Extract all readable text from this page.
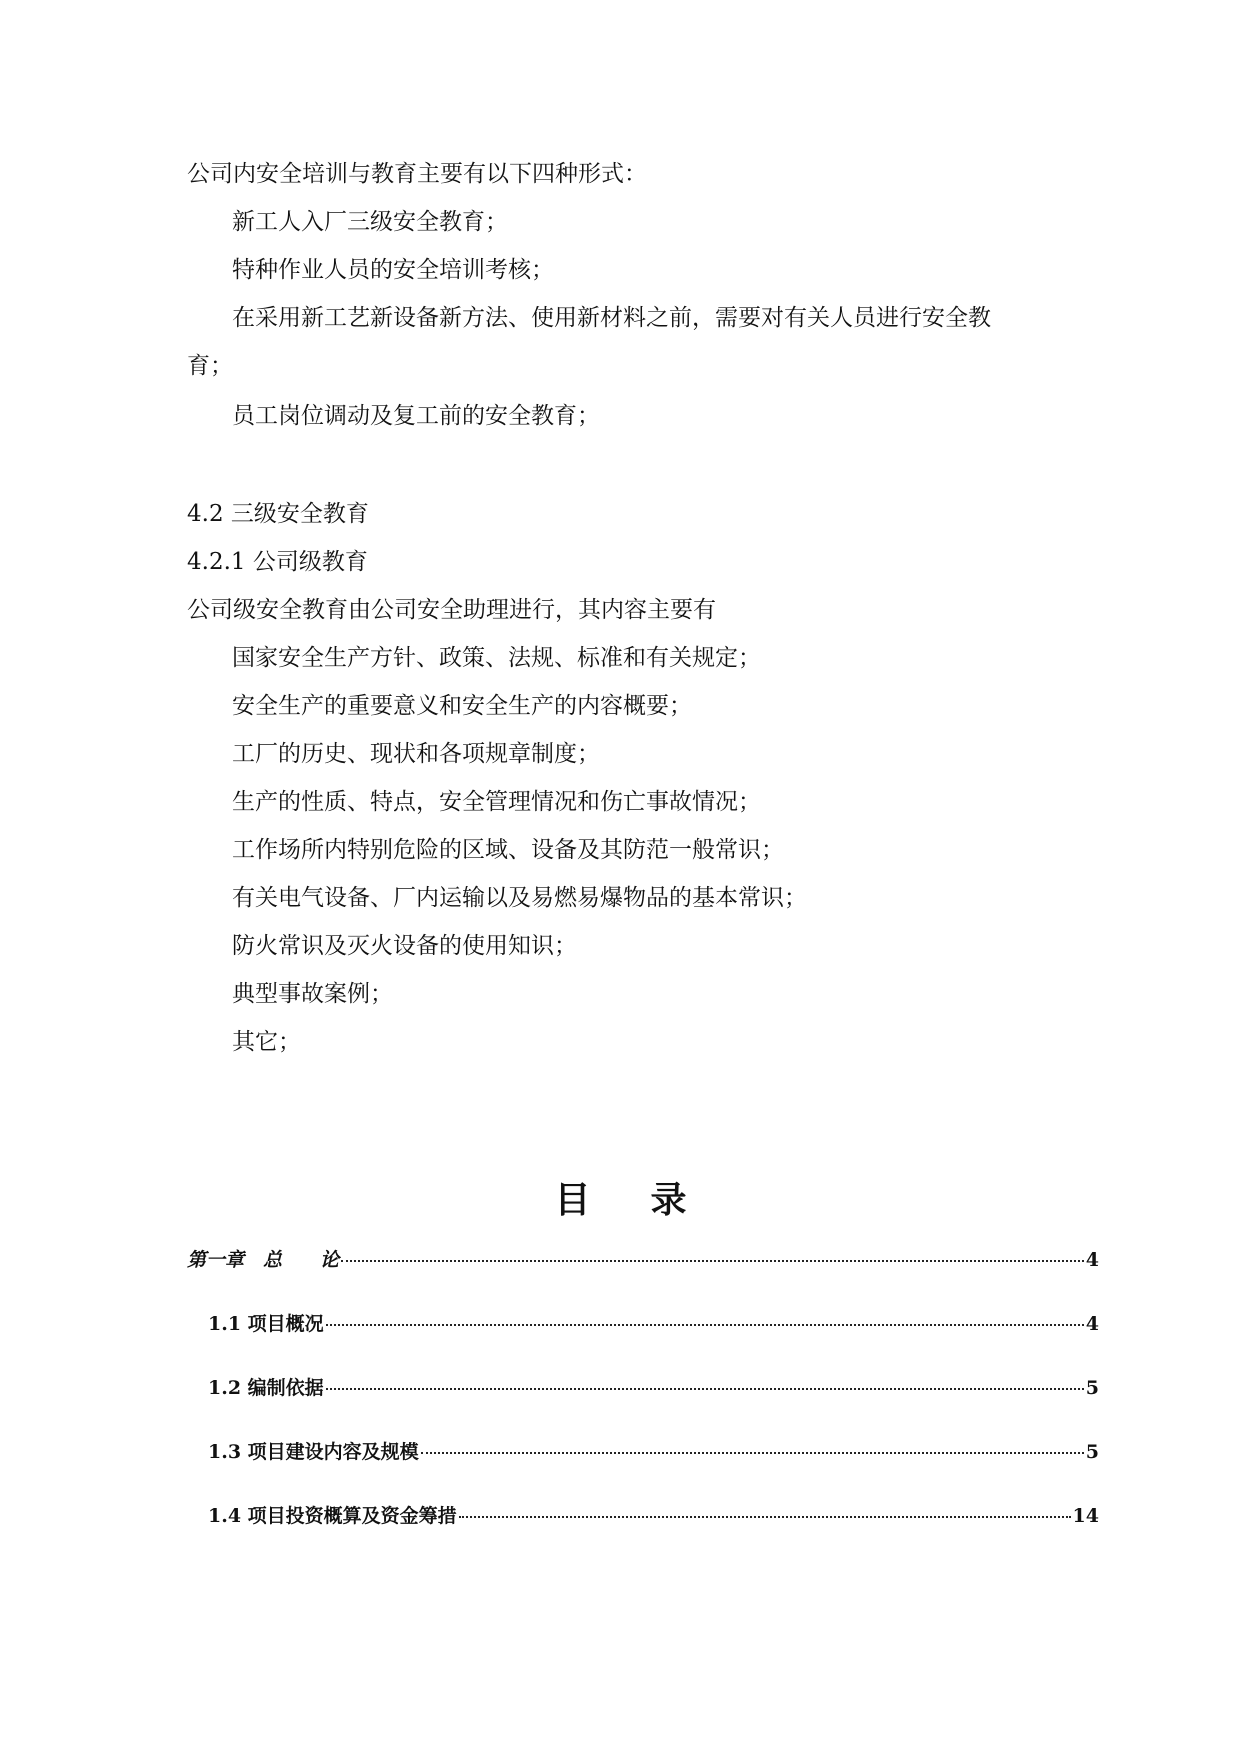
公司内安全培训与教育主要有以下四种形式：
新工人入厂三级安全教育；
特种作业人员的安全培训考核；
在采用新工艺新设备新方法、使用新材料之前，需要对有关人员进行安全教
育；
员工岗位调动及复工前的安全教育；
4.2 三级安全教育
4.2.1 公司级教育
公司级安全教育由公司安全助理进行，其内容主要有
国家安全生产方针、政策、法规、标准和有关规定；
安全生产的重要意义和安全生产的内容概要；
工厂的历史、现状和各项规章制度；
生产的性质、特点，安全管理情况和伤亡事故情况；
工作场所内特别危险的区域、设备及其防范一般常识；
有关电气设备、厂内运输以及易燃易爆物品的基本常识；
防火常识及灭火设备的使用知识；
典型事故案例；
其它；
目录
第一章　总　　论	4
1.1 项目概况	4
1.2 编制依据	5
1.3 项目建设内容及规模	5
1.4 项目投资概算及资金筹措	14
